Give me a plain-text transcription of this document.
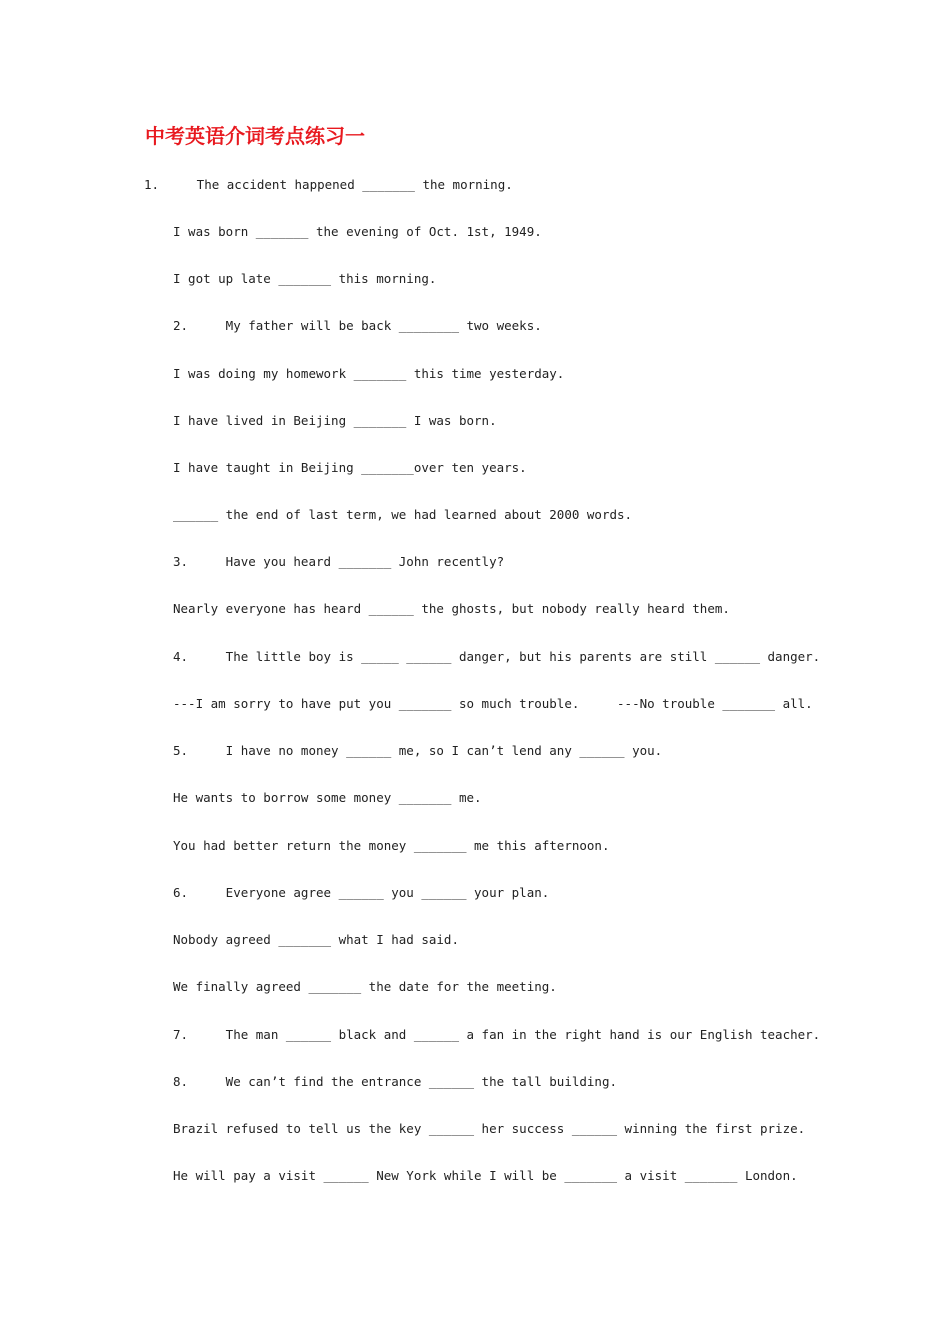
中考英语介词考点练习一
1.     The accident happened _______ the morning.
I was born _______ the evening of Oct. 1st, 1949.
I got up late _______ this morning.
2.     My father will be back ________ two weeks.
I was doing my homework _______ this time yesterday.
I have lived in Beijing _______ I was born.
I have taught in Beijing _______over ten years.
______ the end of last term, we had learned about 2000 words.
3.     Have you heard _______ John recently?
Nearly everyone has heard ______ the ghosts, but nobody really heard them.
4.     The little boy is _____ ______ danger, but his parents are still ______ danger.
---I am sorry to have put you _______ so much trouble.     ---No trouble _______ all.
5.     I have no money ______ me, so I can’t lend any ______ you.
He wants to borrow some money _______ me.
You had better return the money _______ me this afternoon.
6.     Everyone agree ______ you ______ your plan.
Nobody agreed _______ what I had said.
We finally agreed _______ the date for the meeting.
7.     The man ______ black and ______ a fan in the right hand is our English teacher.
8.     We can’t find the entrance ______ the tall building.
Brazil refused to tell us the key ______ her success ______ winning the first prize.
He will pay a visit ______ New York while I will be _______ a visit _______ London.
